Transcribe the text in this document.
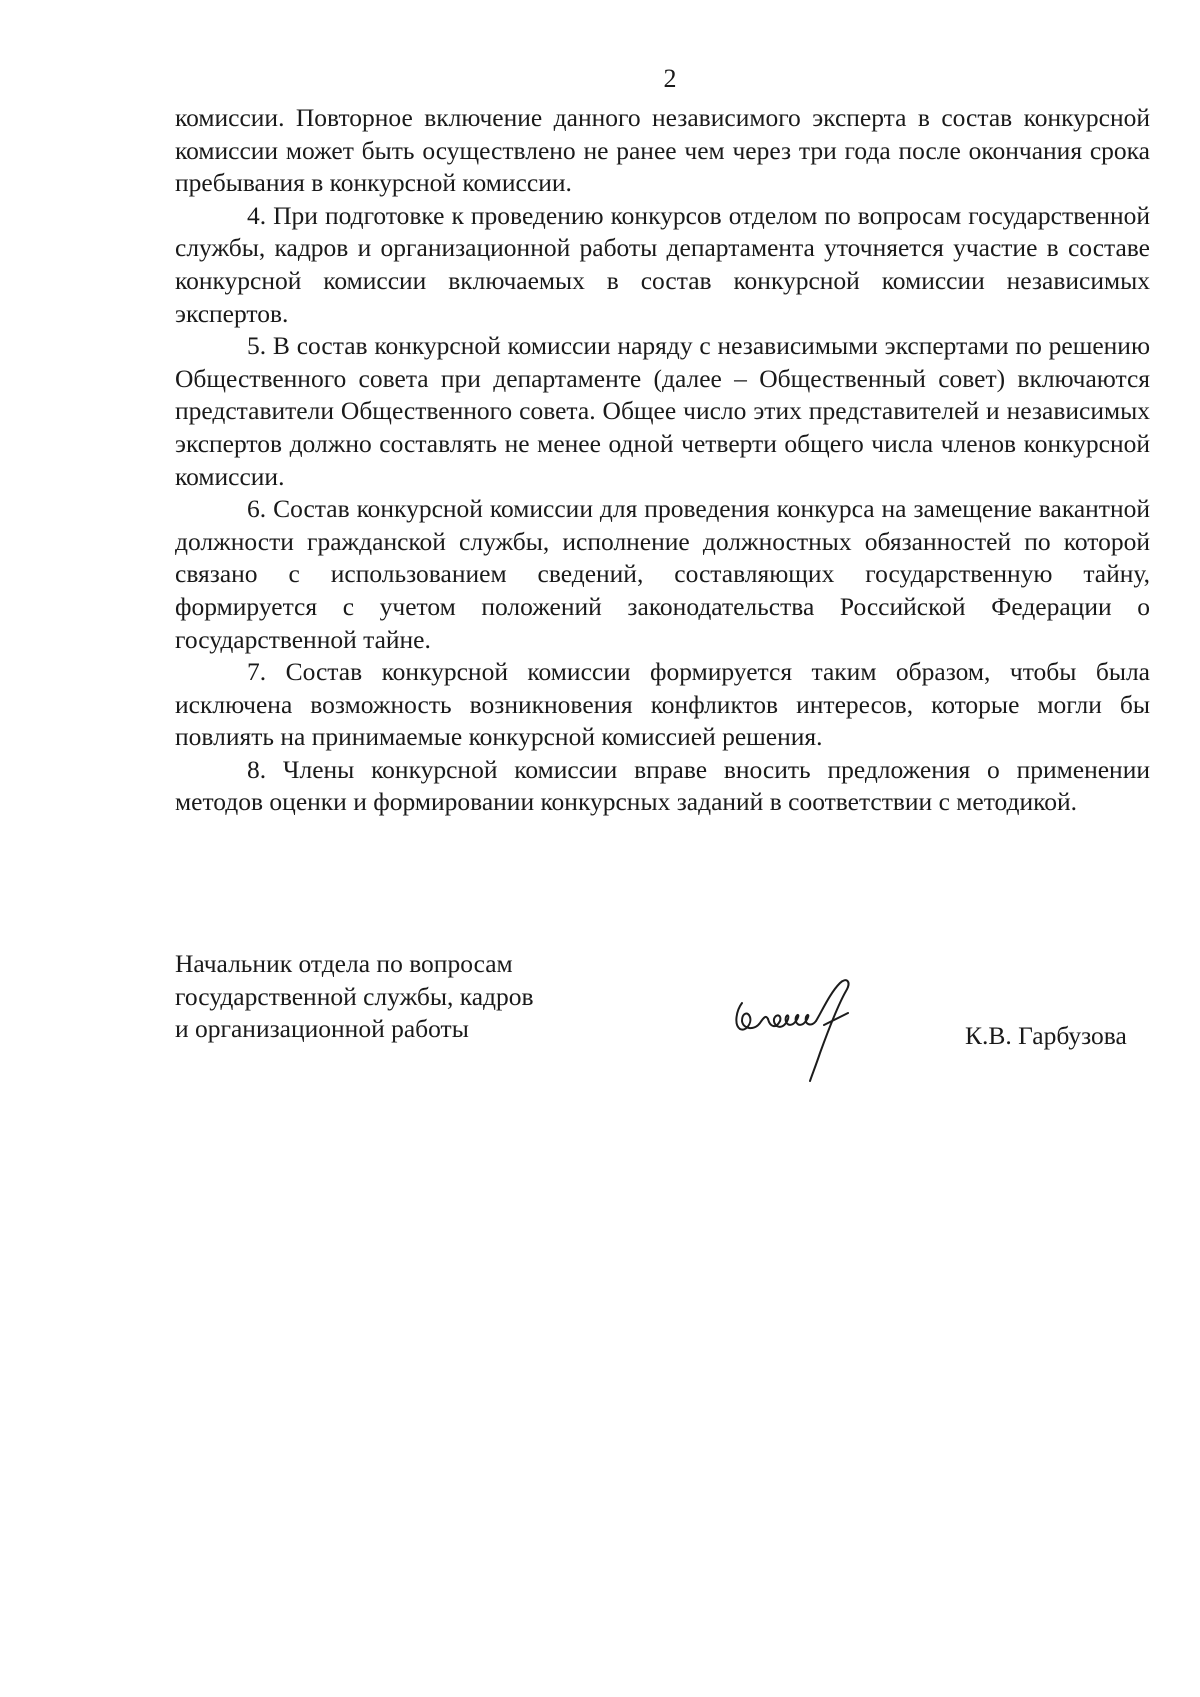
2

комиссии. Повторное включение данного независимого эксперта в состав конкурсной комиссии может быть осуществлено не ранее чем через три года после окончания срока пребывания в конкурсной комиссии.

4. При подготовке к проведению конкурсов отделом по вопросам государственной службы, кадров и организационной работы департамента уточняется участие в составе конкурсной комиссии включаемых в состав конкурсной комиссии независимых экспертов.

5. В состав конкурсной комиссии наряду с независимыми экспертами по решению Общественного совета при департаменте (далее – Общественный совет) включаются представители Общественного совета. Общее число этих представителей и независимых экспертов должно составлять не менее одной четверти общего числа членов конкурсной комиссии.

6. Состав конкурсной комиссии для проведения конкурса на замещение вакантной должности гражданской службы, исполнение должностных обязанностей по которой связано с использованием сведений, составляющих государственную тайну, формируется с учетом положений законодательства Российской Федерации о государственной тайне.

7. Состав конкурсной комиссии формируется таким образом, чтобы была исключена возможность возникновения конфликтов интересов, которые могли бы повлиять на принимаемые конкурсной комиссией решения.

8. Члены конкурсной комиссии вправе вносить предложения о применении методов оценки и формировании конкурсных заданий в соответствии с методикой.

Начальник отдела по вопросам
государственной службы, кадров
и организационной работы	К.В. Гарбузова
